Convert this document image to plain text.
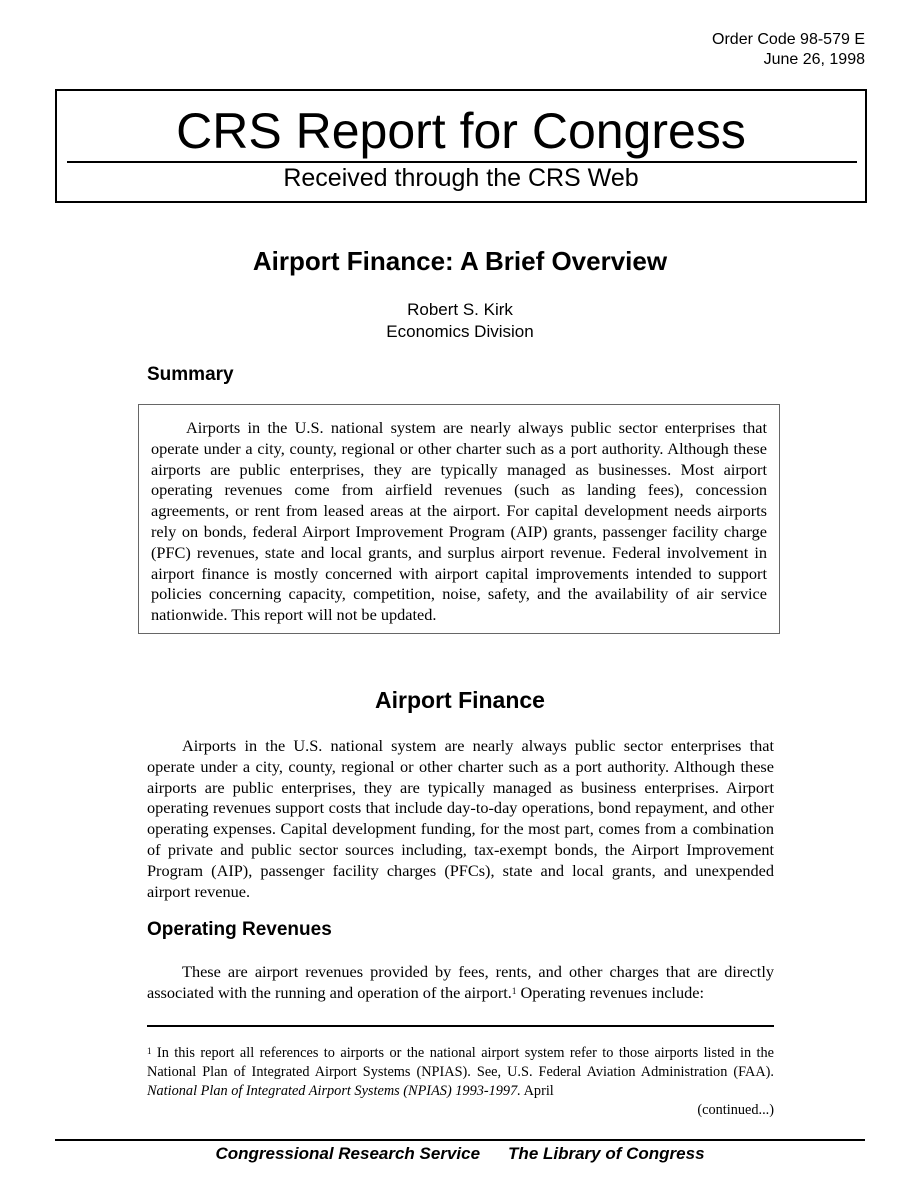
Order Code 98-579 E
June 26, 1998
CRS Report for Congress
Received through the CRS Web
Airport Finance: A Brief Overview
Robert S. Kirk
Economics Division
Summary

Airports in the U.S. national system are nearly always public sector enterprises that operate under a city, county, regional or other charter such as a port authority. Although these airports are public enterprises, they are typically managed as businesses. Most airport operating revenues come from airfield revenues (such as landing fees), concession agreements, or rent from leased areas at the airport. For capital development needs airports rely on bonds, federal Airport Improvement Program (AIP) grants, passenger facility charge (PFC) revenues, state and local grants, and surplus airport revenue. Federal involvement in airport finance is mostly concerned with airport capital improvements intended to support policies concerning capacity, competition, noise, safety, and the availability of air service nationwide. This report will not be updated.

Airport Finance

Airports in the U.S. national system are nearly always public sector enterprises that operate under a city, county, regional or other charter such as a port authority. Although these airports are public enterprises, they are typically managed as business enterprises. Airport operating revenues support costs that include day-to-day operations, bond repayment, and other operating expenses. Capital development funding, for the most part, comes from a combination of private and public sector sources including, tax-exempt bonds, the Airport Improvement Program (AIP), passenger facility charges (PFCs), state and local grants, and unexpended airport revenue.

Operating Revenues

These are airport revenues provided by fees, rents, and other charges that are directly associated with the running and operation of the airport.$^1$ Operating revenues include:

$^1$ In this report all references to airports or the national airport system refer to those airports listed in the National Plan of Integrated Airport Systems (NPIAS). See, U.S. Federal Aviation Administration (FAA). National Plan of Integrated Airport Systems (NPIAS) 1993-1997. April
(continued...)

Congressional Research Service The Library of Congress
